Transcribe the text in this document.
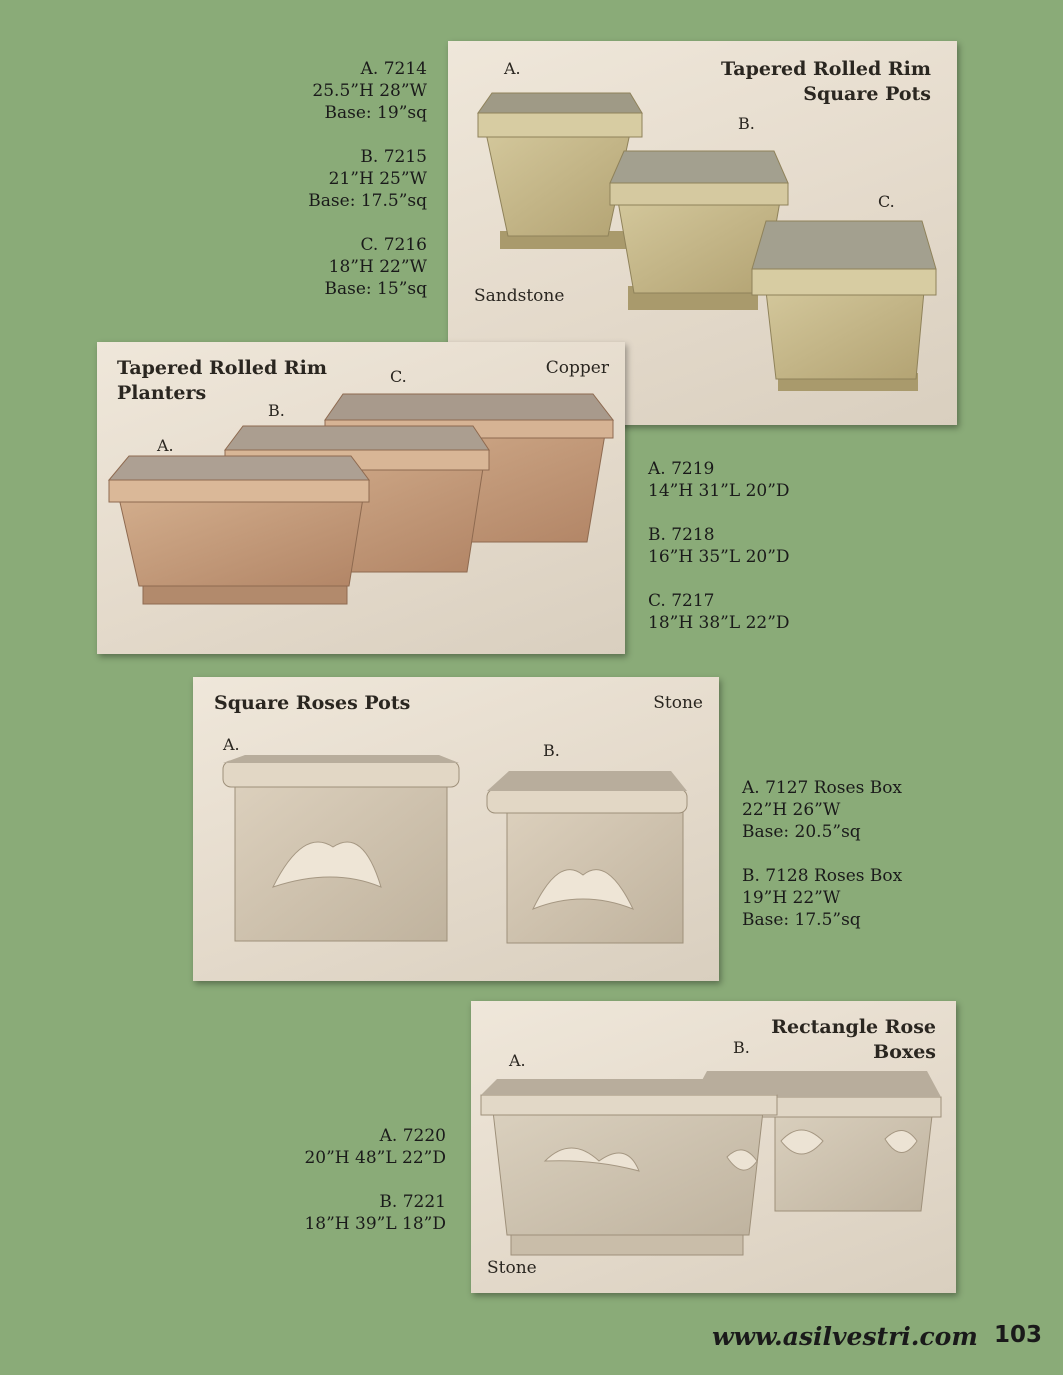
A. 7214
25.5”H 28”W
Base: 19”sq
B. 7215
21”H 25”W
Base: 17.5”sq
C. 7216
18”H 22”W
Base: 15”sq
Tapered Rolled Rim
Square Pots
A.
B.
C.
Sandstone
Tapered Rolled Rim
Planters
Copper
A.
B.
C.
A. 7219
14”H 31”L 20”D
B. 7218
16”H 35”L 20”D
C. 7217
18”H 38”L 22”D
Square Roses Pots	Stone
A.	B.
A. 7127 Roses Box
22”H 26”W
Base: 20.5”sq
B. 7128 Roses Box
19”H 22”W
Base: 17.5”sq
A. 7220
20”H 48”L 22”D
B. 7221
18”H 39”L 18”D
Rectangle Rose
Boxes
A.
B.
Stone
www.asilvestri.com 103
